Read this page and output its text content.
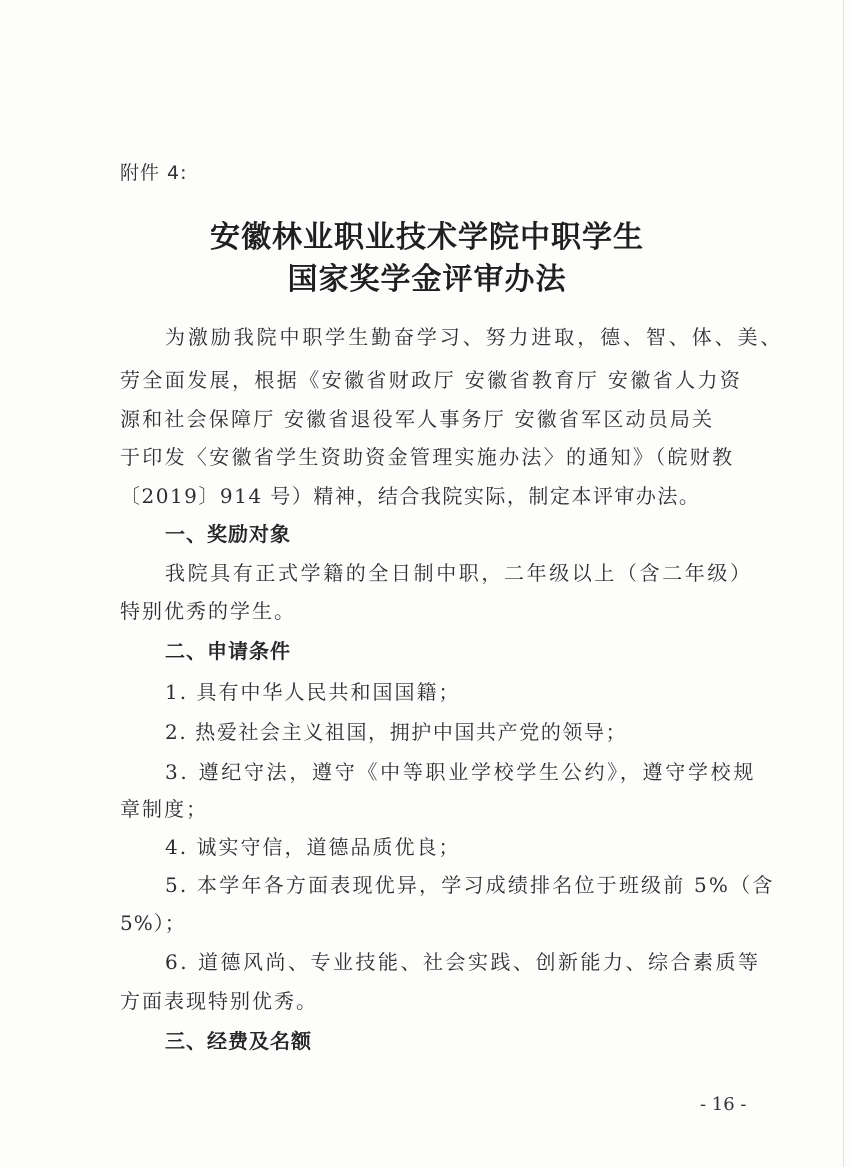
附件 4:
安徽林业职业技术学院中职学生
国家奖学金评审办法
为激励我院中职学生勤奋学习、努力进取，德、智、体、美、
劳全面发展，根据《安徽省财政厅 安徽省教育厅 安徽省人力资
源和社会保障厅 安徽省退役军人事务厅 安徽省军区动员局关
于印发〈安徽省学生资助资金管理实施办法〉的通知》（皖财教
〔2019〕914 号）精神，结合我院实际，制定本评审办法。
一、奖励对象
我院具有正式学籍的全日制中职，二年级以上（含二年级）
特别优秀的学生。
二、申请条件
1. 具有中华人民共和国国籍；
2. 热爱社会主义祖国，拥护中国共产党的领导；
3. 遵纪守法，遵守《中等职业学校学生公约》，遵守学校规
章制度；
4. 诚实守信，道德品质优良；
5. 本学年各方面表现优异，学习成绩排名位于班级前 5%（含
5%）；
6. 道德风尚、专业技能、社会实践、创新能力、综合素质等
方面表现特别优秀。
三、经费及名额
- 16 -
